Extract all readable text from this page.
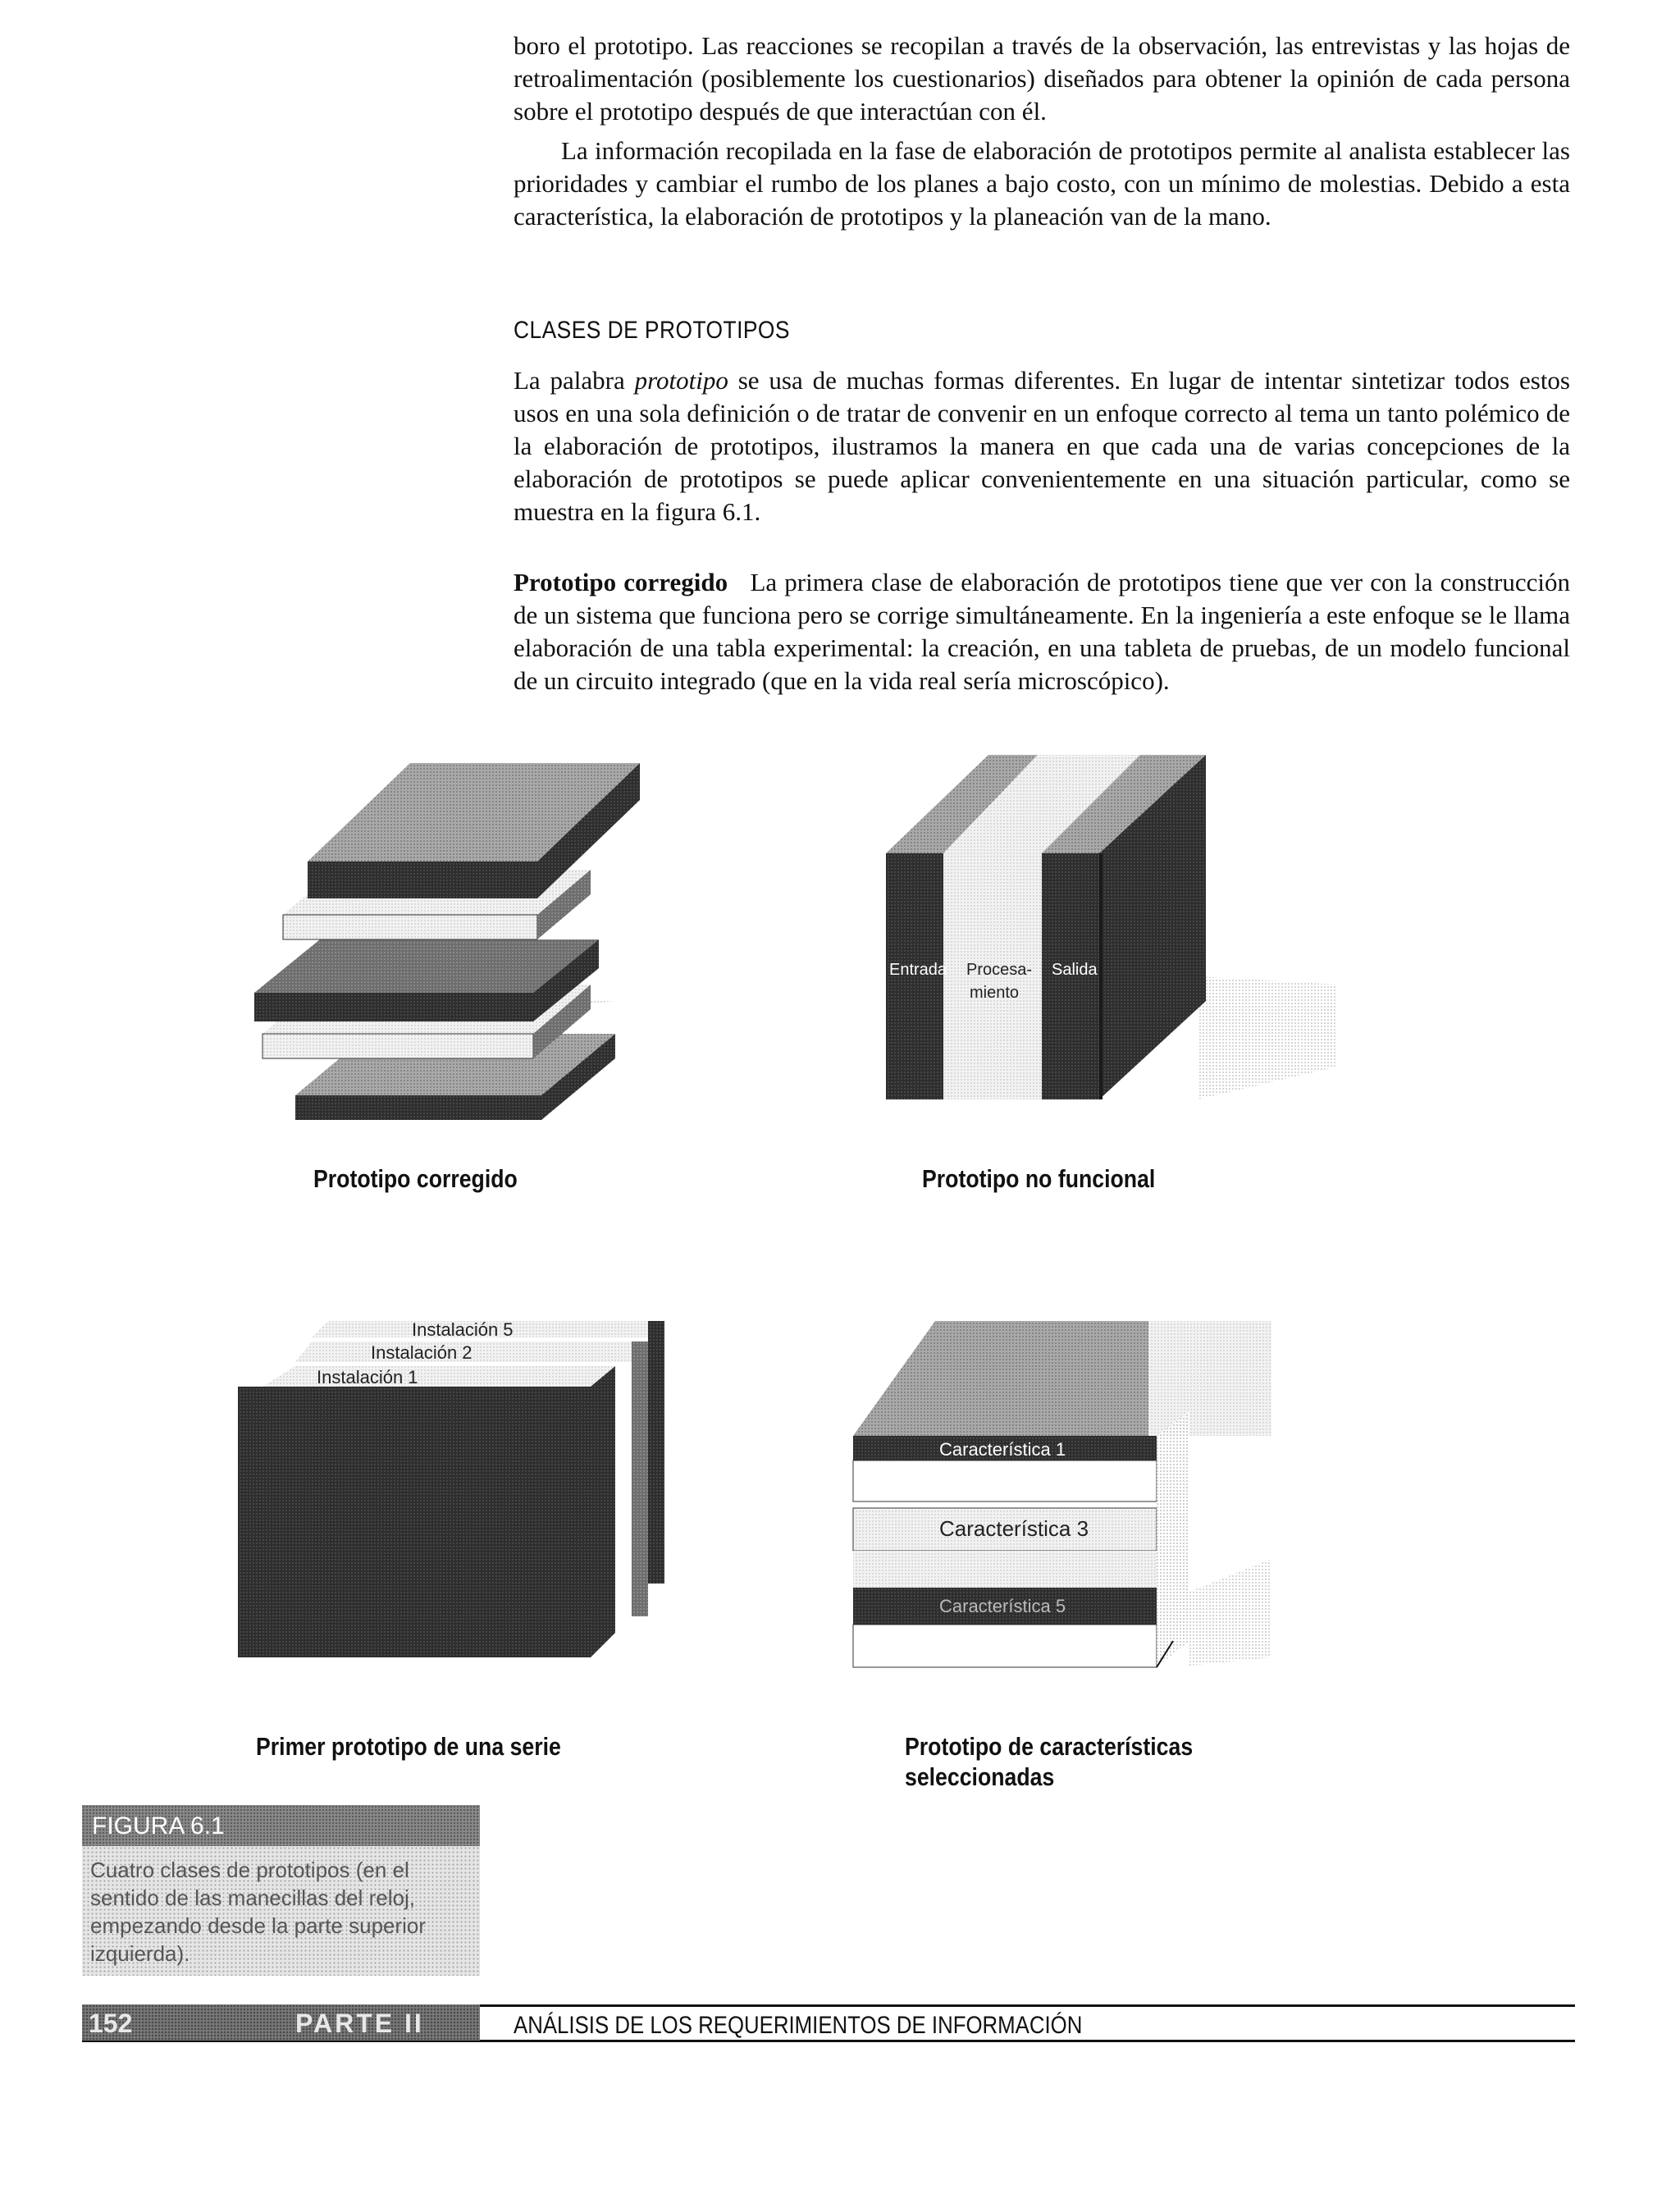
boro el prototipo. Las reacciones se recopilan a través de la observación, las entrevistas y las hojas de retroalimentación (posiblemente los cuestionarios) diseñados para obtener la opinión de cada persona sobre el prototipo después de que interactúan con él.

La información recopilada en la fase de elaboración de prototipos permite al analista establecer las prioridades y cambiar el rumbo de los planes a bajo costo, con un mínimo de molestias. Debido a esta característica, la elaboración de prototipos y la planeación van de la mano.

CLASES DE PROTOTIPOS

La palabra prototipo se usa de muchas formas diferentes. En lugar de intentar sintetizar todos estos usos en una sola definición o de tratar de convenir en un enfoque correcto al tema un tanto polémico de la elaboración de prototipos, ilustramos la manera en que cada una de varias concepciones de la elaboración de prototipos se puede aplicar convenientemente en una situación particular, como se muestra en la figura 6.1.

Prototipo corregido La primera clase de elaboración de prototipos tiene que ver con la construcción de un sistema que funciona pero se corrige simultáneamente. En la ingeniería a este enfoque se le llama elaboración de una tabla experimental: la creación, en una tableta de pruebas, de un modelo funcional de un circuito integrado (que en la vida real sería microscópico).

Entrada Procesa-
miento
Salida

Prototipo corregido	Prototipo no funcional

Instalación 5
Instalación 2
Instalación 1
Característica 1
Característica 3
Característica 5

Primer prototipo de una serie	Prototipo de características

seleccionadas

FIGURA 6.1
Cuatro clases de prototipos (en el sentido de las manecillas del reloj, empezando desde la parte superior izquierda).
152	PARTE II	ANÁLISIS DE LOS REQUERIMIENTOS DE INFORMACIÓN
